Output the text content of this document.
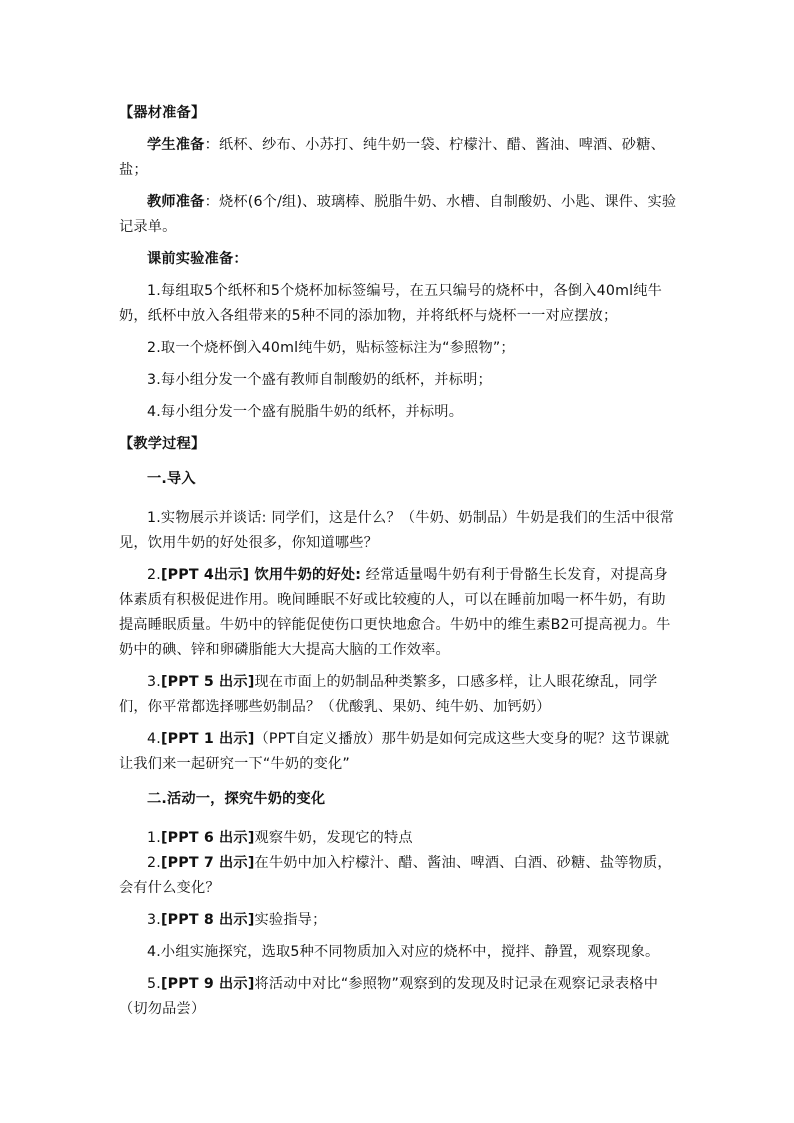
【器材准备】

学生准备：纸杯、纱布、小苏打、纯牛奶一袋、柠檬汁、醋、酱油、啤酒、砂糖、盐；

教师准备：烧杯(6个/组)、玻璃棒、脱脂牛奶、水槽、自制酸奶、小匙、课件、实验记录单。

课前实验准备：

1.每组取5个纸杯和5个烧杯加标签编号，在五只编号的烧杯中，各倒入40ml纯牛奶，纸杯中放入各组带来的5种不同的添加物，并将纸杯与烧杯一一对应摆放；

2.取一个烧杯倒入40ml纯牛奶，贴标签标注为“参照物”；

3.每小组分发一个盛有教师自制酸奶的纸杯，并标明；

4.每小组分发一个盛有脱脂牛奶的纸杯，并标明。

【教学过程】

一.导入

1.实物展示并谈话: 同学们，这是什么？（牛奶、奶制品）牛奶是我们的生活中很常见，饮用牛奶的好处很多，你知道哪些？

2.[PPT 4出示] 饮用牛奶的好处: 经常适量喝牛奶有利于骨骼生长发育，对提高身体素质有积极促进作用。晚间睡眠不好或比较瘦的人，可以在睡前加喝一杯牛奶，有助提高睡眠质量。牛奶中的锌能促使伤口更快地愈合。牛奶中的维生素B2可提高视力。牛奶中的碘、锌和卵磷脂能大大提高大脑的工作效率。

3.[PPT 5 出示]现在市面上的奶制品种类繁多，口感多样，让人眼花缭乱，同学们，你平常都选择哪些奶制品？（优酸乳、果奶、纯牛奶、加钙奶）

4.[PPT 1 出示]（PPT自定义播放）那牛奶是如何完成这些大变身的呢？这节课就让我们来一起研究一下“牛奶的变化”

二.活动一，探究牛奶的变化

1.[PPT 6 出示]观察牛奶，发现它的特点

2.[PPT 7 出示]在牛奶中加入柠檬汁、醋、酱油、啤酒、白酒、砂糖、盐等物质，会有什么变化？

3.[PPT 8 出示]实验指导；

4.小组实施探究，选取5种不同物质加入对应的烧杯中，搅拌、静置，观察现象。

5.[PPT 9 出示]将活动中对比“参照物”观察到的发现及时记录在观察记录表格中（切勿品尝）
